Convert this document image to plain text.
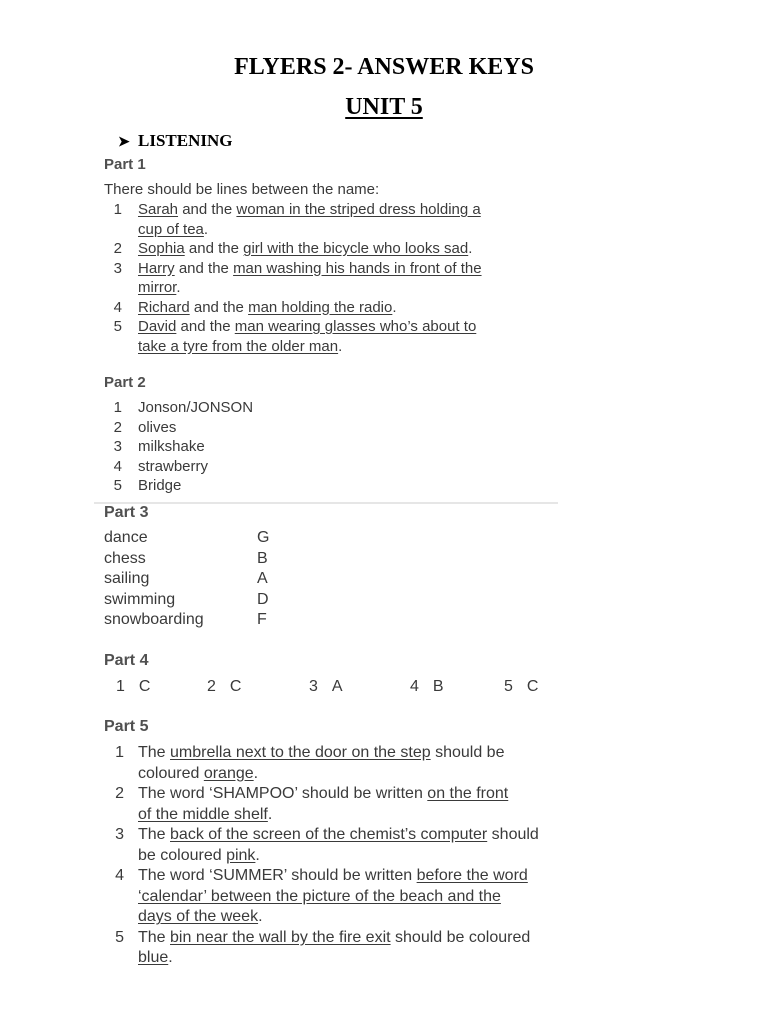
FLYERS 2- ANSWER KEYS
UNIT 5
➤ LISTENING
Part 1
There should be lines between the name:
1	Sarah and the woman in the striped dress holding a
cup of tea.
2	Sophia and the girl with the bicycle who looks sad.
3	Harry and the man washing his hands in front of the
mirror.
4	Richard and the man holding the radio.
5	David and the man wearing glasses who’s about to
take a tyre from the older man.
Part 2
1	Jonson/JONSON
2	olives
3	milkshake
4	strawberry
5	Bridge
Part 3
dance	G
chess	B
sailing	A
swimming	D
snowboarding	F
Part 4
1 C	2 C	3 A	4 B	5 C
Part 5
1 The umbrella next to the door on the step should be
coloured orange.
2 The word ‘SHAMPOO’ should be written on the front
of the middle shelf.
3 The back of the screen of the chemist’s computer should
be coloured pink.
4 The word ‘SUMMER’ should be written before the word
‘calendar’ between the picture of the beach and the
days of the week.
5 The bin near the wall by the fire exit should be coloured
blue.
